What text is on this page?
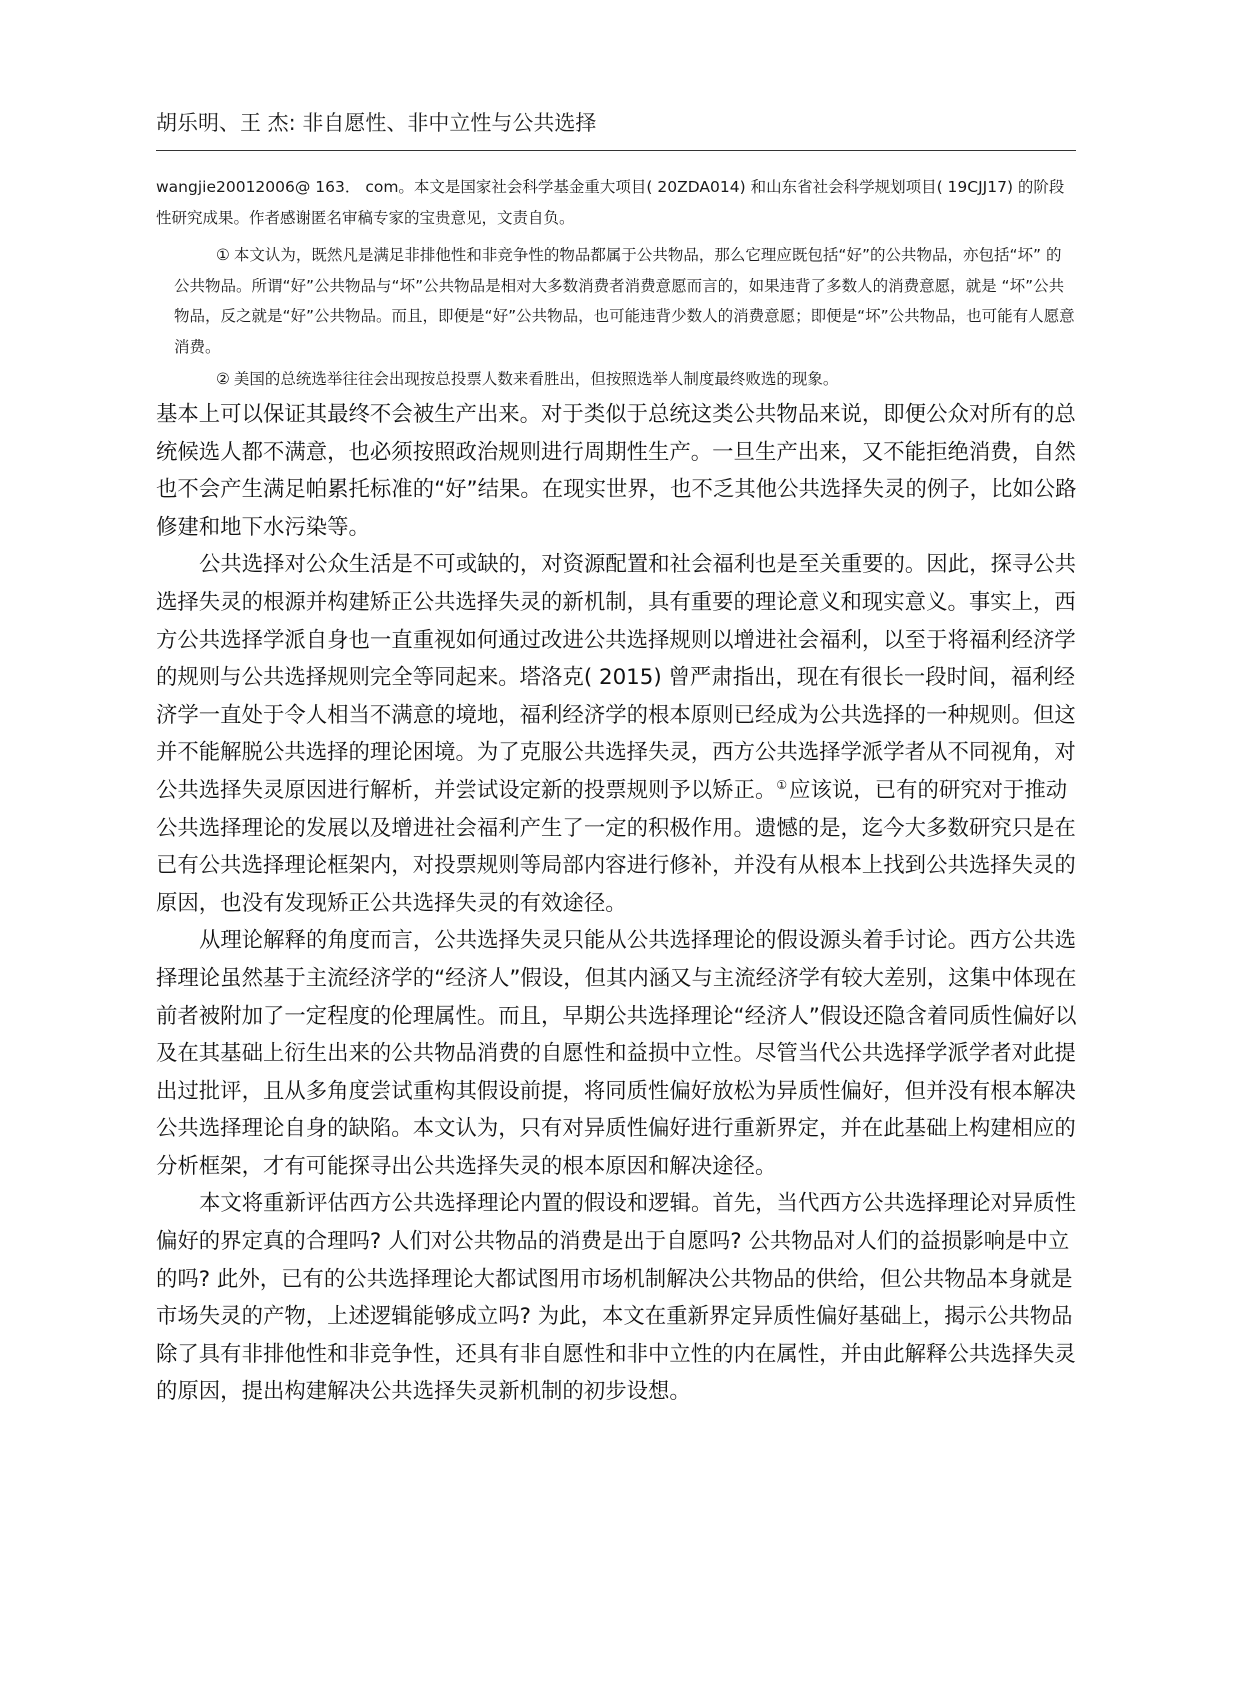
胡乐明、王 杰: 非自愿性、非中立性与公共选择

wangjie20012006@ 163． com。本文是国家社会科学基金重大项目( 20ZDA014) 和山东省社会科学规划项目( 19CJJ17) 的阶段性研究成果。作者感谢匿名审稿专家的宝贵意见，文责自负。

① 本文认为，既然凡是满足非排他性和非竞争性的物品都属于公共物品，那么它理应既包括“好”的公共物品，亦包括“坏” 的公共物品。所谓“好”公共物品与“坏”公共物品是相对大多数消费者消费意愿而言的，如果违背了多数人的消费意愿，就是 “坏”公共物品，反之就是“好”公共物品。而且，即便是“好”公共物品，也可能违背少数人的消费意愿；即便是“坏”公共物品，也可能有人愿意消费。

② 美国的总统选举往往会出现按总投票人数来看胜出，但按照选举人制度最终败选的现象。

基本上可以保证其最终不会被生产出来。对于类似于总统这类公共物品来说，即便公众对所有的总统候选人都不满意，也必须按照政治规则进行周期性生产。一旦生产出来，又不能拒绝消费，自然也不会产生满足帕累托标准的“好”结果。在现实世界，也不乏其他公共选择失灵的例子，比如公路修建和地下水污染等。

公共选择对公众生活是不可或缺的，对资源配置和社会福利也是至关重要的。因此，探寻公共选择失灵的根源并构建矫正公共选择失灵的新机制，具有重要的理论意义和现实意义。事实上，西方公共选择学派自身也一直重视如何通过改进公共选择规则以增进社会福利，以至于将福利经济学的规则与公共选择规则完全等同起来。塔洛克( 2015) 曾严肃指出，现在有很长一段时间，福利经济学一直处于令人相当不满意的境地，福利经济学的根本原则已经成为公共选择的一种规则。但这并不能解脱公共选择的理论困境。为了克服公共选择失灵，西方公共选择学派学者从不同视角，对公共选择失灵原因进行解析，并尝试设定新的投票规则予以矫正。①应该说，已有的研究对于推动公共选择理论的发展以及增进社会福利产生了一定的积极作用。遗憾的是，迄今大多数研究只是在已有公共选择理论框架内，对投票规则等局部内容进行修补，并没有从根本上找到公共选择失灵的原因，也没有发现矫正公共选择失灵的有效途径。

从理论解释的角度而言，公共选择失灵只能从公共选择理论的假设源头着手讨论。西方公共选择理论虽然基于主流经济学的“经济人”假设，但其内涵又与主流经济学有较大差别，这集中体现在前者被附加了一定程度的伦理属性。而且，早期公共选择理论“经济人”假设还隐含着同质性偏好以及在其基础上衍生出来的公共物品消费的自愿性和益损中立性。尽管当代公共选择学派学者对此提出过批评，且从多角度尝试重构其假设前提，将同质性偏好放松为异质性偏好，但并没有根本解决公共选择理论自身的缺陷。本文认为，只有对异质性偏好进行重新界定，并在此基础上构建相应的分析框架，才有可能探寻出公共选择失灵的根本原因和解决途径。

本文将重新评估西方公共选择理论内置的假设和逻辑。首先，当代西方公共选择理论对异质性偏好的界定真的合理吗? 人们对公共物品的消费是出于自愿吗? 公共物品对人们的益损影响是中立的吗? 此外，已有的公共选择理论大都试图用市场机制解决公共物品的供给，但公共物品本身就是市场失灵的产物，上述逻辑能够成立吗? 为此，本文在重新界定异质性偏好基础上，揭示公共物品除了具有非排他性和非竞争性，还具有非自愿性和非中立性的内在属性，并由此解释公共选择失灵的原因，提出构建解决公共选择失灵新机制的初步设想。
